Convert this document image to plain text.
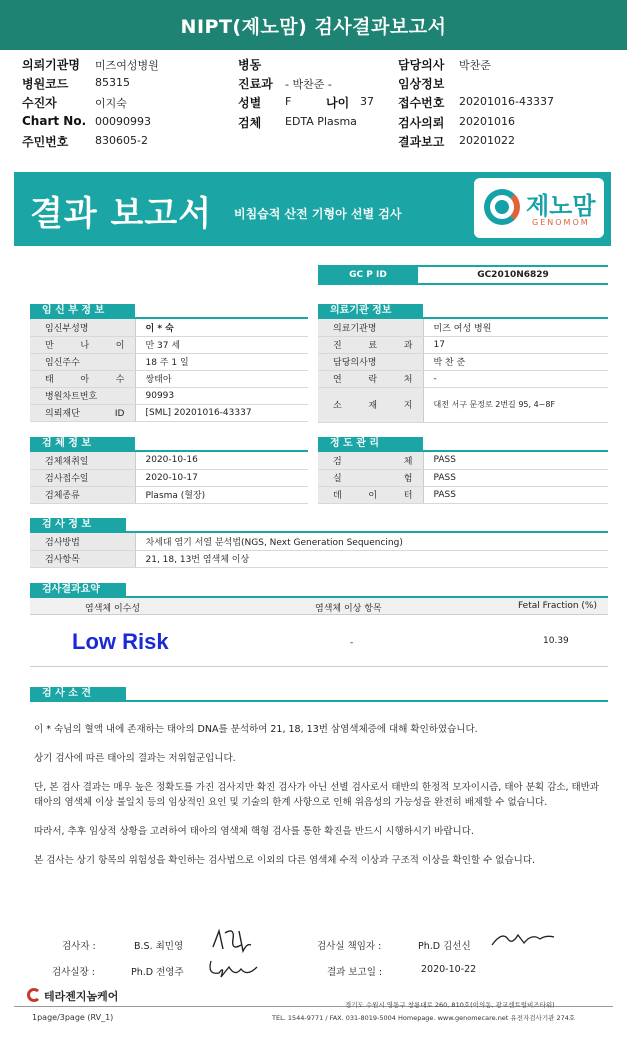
NIPT(제노맘) 검사결과보고서
의뢰기관명 미즈여성병원
병원코드 85315
수진자	이지숙
Chart No. 00090993
주민번호 830605-2
병동
진료과 - 박찬준 -
성별 F	나이 37
검체 EDTA Plasma
담당의사 박찬준
임상정보
접수번호 20201016-43337
검사의뢰 20201016
결과보고 20201022
결과 보고서 비침습적 산전 기형아 선별 검사	제노맘
GENOMOM
GC P ID	GC2010N6829
임 신 부 정 보
임신부성명	이 * 숙
만 나 이	만 37 세
임신주수	18 주 1 일
태 아 수	쌍태아
병원차트번호	90993
의뢰재단 ID	[SML] 20201016-43337
의료기관 정보
의료기관명	미즈 여성 병원
진 료 과	17
담당의사명	박 찬 준
연 락 처	-
소 재 지	대전 서구 문정로 2번길 95, 4~8F
검 체 정 보
검체채취일	2020-10-16
검사접수일	2020-10-17
검체종류	Plasma (혈장)
정 도 관 리
검 체	PASS
실 험	PASS
데 이 터	PASS
검 사 정 보
검사방법	차세대 염기 서열 분석법(NGS, Next Generation Sequencing)
검사항목	21, 18, 13번 염색체 이상
검사결과요약
염색체 이수성	염색체 이상 항목	Fetal Fraction (%)
Low Risk	-	10.39
검 사 소 견

이 * 숙님의 혈액 내에 존재하는 태아의 DNA를 분석하여 21, 18, 13번 삼염색체증에 대해 확인하였습니다.

상기 검사에 따른 태아의 결과는 저위험군입니다.

단, 본 검사 결과는 매우 높은 정확도를 가진 검사지만 확진 검사가 아닌 선별 검사로서 태반의 한정적 모자이시즘, 태아 분획 감소, 태반과 태아의 염색체 이상 불일치 등의 임상적인 요인 및 기술의 한계 사항으로 인해 위음성의 가능성을 완전히 배제할 수 없습니다.

따라서, 추후 임상적 상황을 고려하여 태아의 염색체 핵형 검사를 통한 확진을 반드시 시행하시기 바랍니다.

본 검사는 상기 항목의 위험성을 확인하는 검사법으로 이외의 다른 염색체 수적 이상과 구조적 이상을 확인할 수 없습니다.

검사자 :	B.S. 최민영	검사실 책임자 :	Ph.D 김선신
검사실장 :	Ph.D 전영주	결과 보고일 :	2020-10-22
테라젠지놈케어
경기도 수원시 영통구 창룡대로 260, 810호(이의동, 광교센트럴비즈타워)
TEL. 1544-9771 / FAX. 031-8019-5004 Homepage. www.genomecare.net 유전자검사기관 274호
1page/3page (RV_1)
